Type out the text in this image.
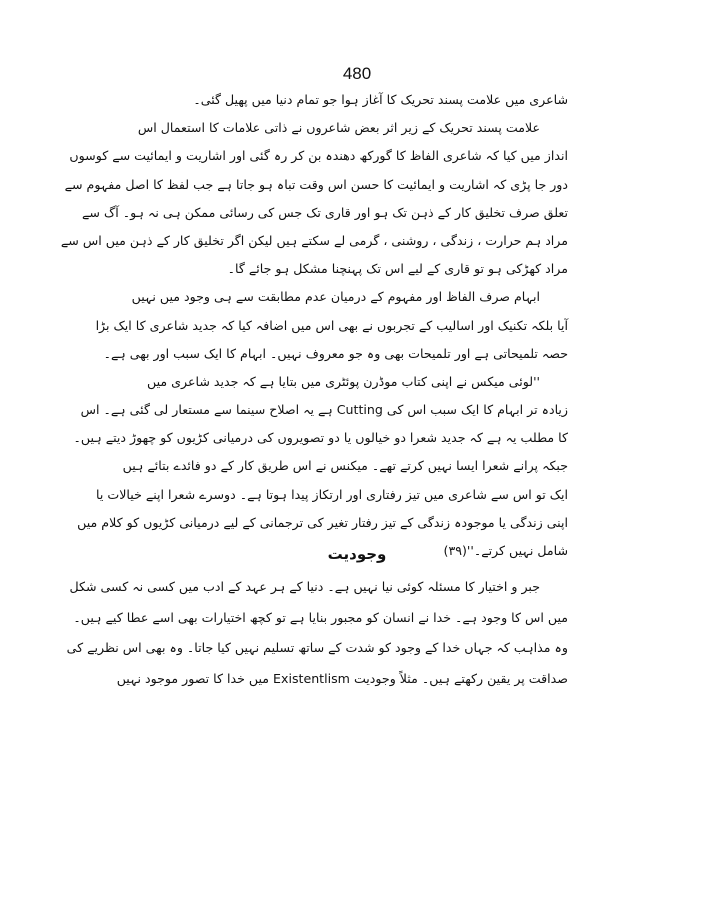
480
شاعری میں علامت پسند تحریک کا آغاز ہوا جو تمام دنیا میں پھیل گئی۔
علامت پسند تحریک کے زیر اثر بعض شاعروں نے ذاتی علامات کا استعمال اس
انداز میں کیا کہ شاعری الفاظ کا گورکھ دھندہ بن کر رہ گئی اور اشاریت و ایمائیت سے کوسوں
دور جا پڑی کہ اشاریت و ایمائیت کا حسن اس وقت تباہ ہو جاتا ہے جب لفظ کا اصل مفہوم سے
تعلق صرف تخلیق کار کے ذہن تک ہو اور قاری تک جس کی رسائی ممکن ہی نہ ہو۔ آگ سے
مراد ہم حرارت ، زندگی ، روشنی ، گرمی لے سکتے ہیں لیکن اگر تخلیق کار کے ذہن میں اس سے
مراد کھڑکی ہو تو قاری کے لیے اس تک پہنچنا مشکل ہو جائے گا۔
ابہام صرف الفاظ اور مفہوم کے درمیان عدم مطابقت سے ہی وجود میں نہیں
آیا بلکہ تکنیک اور اسالیب کے تجربوں نے بھی اس میں اضافہ کیا کہ جدید شاعری کا ایک بڑا
حصہ تلمیحاتی ہے اور تلمیحات بھی وہ جو معروف نہیں۔ ابہام کا ایک سبب اور بھی ہے۔
''لوئی میکس نے اپنی کتاب موڈرن پوئٹری میں بتایا ہے کہ جدید شاعری میں
زیادہ تر ابہام کا ایک سبب اس کی Cutting ہے یہ اصلاح سینما سے مستعار لی گئی ہے۔ اس
کا مطلب یہ ہے کہ جدید شعرا دو خیالوں یا دو تصویروں کی درمیانی کڑیوں کو چھوڑ دیتے ہیں۔
جبکہ پرانے شعرا ایسا نہیں کرتے تھے۔ میکنس نے اس طریق کار کے دو فائدے بتائے ہیں
ایک تو اس سے شاعری میں تیز رفتاری اور ارتکاز پیدا ہوتا ہے۔ دوسرے شعرا اپنے خیالات یا
اپنی زندگی یا موجودہ زندگی کے تیز رفتار تغیر کی ترجمانی کے لیے درمیانی کڑیوں کو کلام میں
شامل نہیں کرتے۔''(۳۹)
وجودیت
جبر و اختیار کا مسئلہ کوئی نیا نہیں ہے۔ دنیا کے ہر عہد کے ادب میں کسی نہ کسی شکل
میں اس کا وجود ہے۔ خدا نے انسان کو مجبور بنایا ہے تو کچھ اختیارات بھی اسے عطا کیے ہیں۔
وہ مذاہب کہ جہاں خدا کے وجود کو شدت کے ساتھ تسلیم نہیں کیا جاتا۔ وہ بھی اس نظریے کی
صداقت پر یقین رکھتے ہیں۔ مثلاً وجودیت Existentlism میں خدا کا تصور موجود نہیں
